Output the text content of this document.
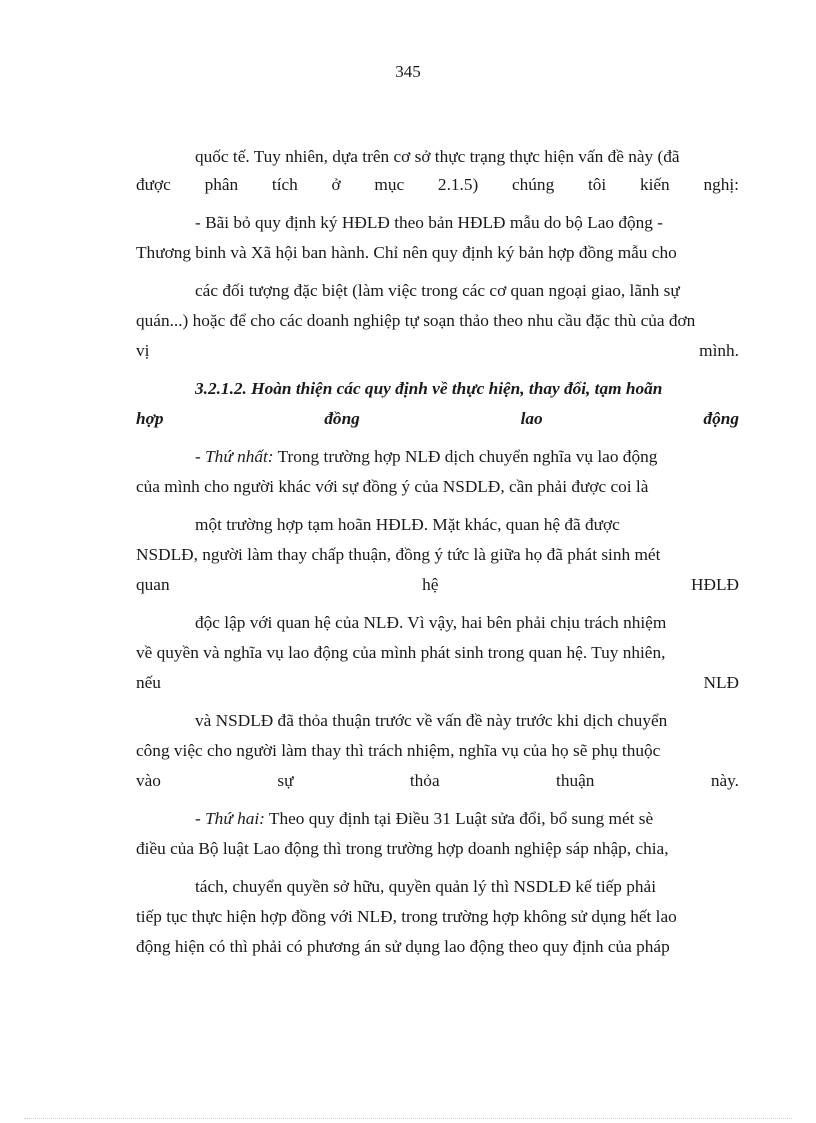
345
quốc tế. Tuy nhiên, dựa trên cơ sở thực trạng thực hiện vấn đề này (đã
được phân tích ở mục 2.1.5) chúng tôi kiến nghị:
- Bãi bỏ quy định ký HĐLĐ theo bản HĐLĐ mẫu do bộ Lao động -
Thương binh và Xã hội ban hành. Chỉ nên quy định ký bản hợp đồng mẫu cho
các đối tượng đặc biệt (làm việc trong các cơ quan ngoại giao, lãnh sự
quán...) hoặc để cho các doanh nghiệp tự soạn thảo theo nhu cầu đặc thù của đơn
vị	mình.
3.2.1.2. Hoàn thiện các quy định về thực hiện, thay đổi, tạm hoãn
hợp	đồng	lao	động
- Thứ nhất: Trong trường hợp NLĐ dịch chuyển nghĩa vụ lao động
của mình cho người khác với sự đồng ý của NSDLĐ, cần phải được coi là
một trường hợp tạm hoãn HĐLĐ. Mặt khác, quan hệ đã được
NSDLĐ, người làm thay chấp thuận, đồng ý tức là giữa họ đã phát sinh mét
quan	hệ	HĐLĐ
độc lập với quan hệ của NLĐ. Vì vậy, hai bên phải chịu trách nhiệm
về quyền và nghĩa vụ lao động của mình phát sinh trong quan hệ. Tuy nhiên,
nếu	NLĐ
và NSDLĐ đã thỏa thuận trước về vấn đề này trước khi dịch chuyển
công việc cho người làm thay thì trách nhiệm, nghĩa vụ của họ sẽ phụ thuộc
vào	sự	thỏa	thuận	này.
- Thứ hai: Theo quy định tại Điều 31 Luật sửa đổi, bổ sung mét sè
điều của Bộ luật Lao động thì trong trường hợp doanh nghiệp sáp nhập, chia,
tách, chuyển quyền sở hữu, quyền quản lý thì NSDLĐ kế tiếp phải
tiếp tục thực hiện hợp đồng với NLĐ, trong trường hợp không sử dụng hết lao
động hiện có thì phải có phương án sử dụng lao động theo quy định của pháp
